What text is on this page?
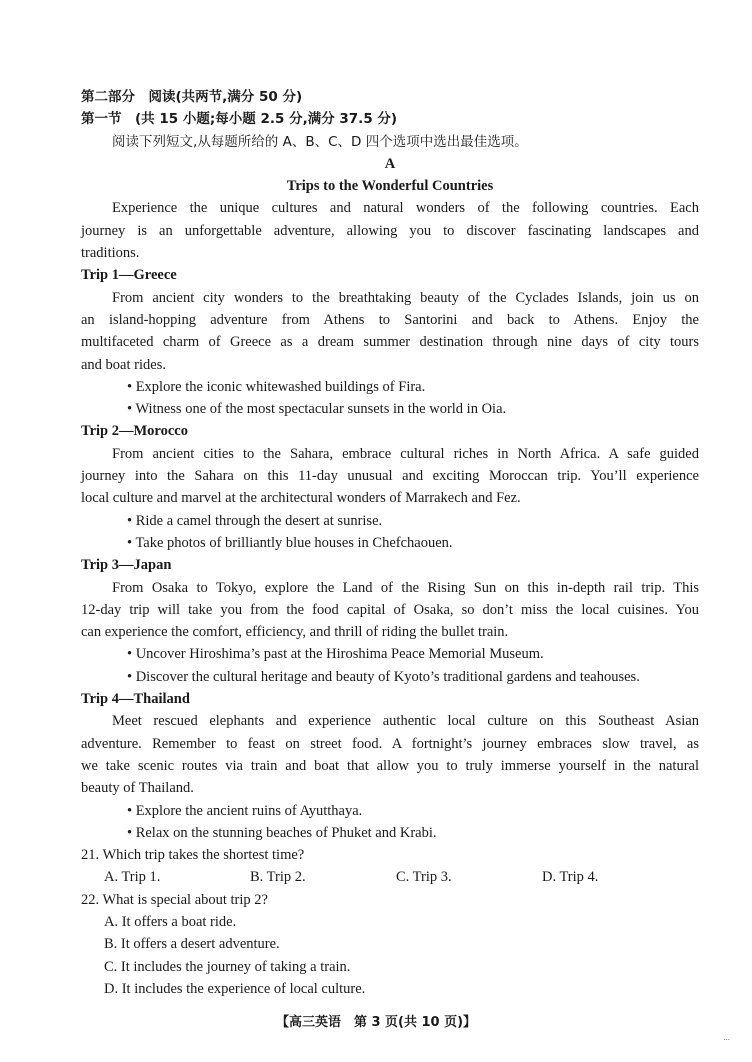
第二部分　阅读(共两节,满分 50 分)
第一节　(共 15 小题;每小题 2.5 分,满分 37.5 分)
阅读下列短文,从每题所给的 A、B、C、D 四个选项中选出最佳选项。
A
Trips to the Wonderful Countries
Experience the unique cultures and natural wonders of the following countries. Each
journey is an unforgettable adventure, allowing you to discover fascinating landscapes and
traditions.
Trip 1—Greece
From ancient city wonders to the breathtaking beauty of the Cyclades Islands, join us on
an island-hopping adventure from Athens to Santorini and back to Athens. Enjoy the
multifaceted charm of Greece as a dream summer destination through nine days of city tours
and boat rides.
• Explore the iconic whitewashed buildings of Fira.
• Witness one of the most spectacular sunsets in the world in Oia.
Trip 2—Morocco
From ancient cities to the Sahara, embrace cultural riches in North Africa. A safe guided
journey into the Sahara on this 11-day unusual and exciting Moroccan trip. You’ll experience
local culture and marvel at the architectural wonders of Marrakech and Fez.
• Ride a camel through the desert at sunrise.
• Take photos of brilliantly blue houses in Chefchaouen.
Trip 3—Japan
From Osaka to Tokyo, explore the Land of the Rising Sun on this in-depth rail trip. This
12-day trip will take you from the food capital of Osaka, so don’t miss the local cuisines. You
can experience the comfort, efficiency, and thrill of riding the bullet train.
• Uncover Hiroshima’s past at the Hiroshima Peace Memorial Museum.
• Discover the cultural heritage and beauty of Kyoto’s traditional gardens and teahouses.
Trip 4—Thailand
Meet rescued elephants and experience authentic local culture on this Southeast Asian
adventure. Remember to feast on street food. A fortnight’s journey embraces slow travel, as
we take scenic routes via train and boat that allow you to truly immerse yourself in the natural
beauty of Thailand.
• Explore the ancient ruins of Ayutthaya.
• Relax on the stunning beaches of Phuket and Krabi.
21. Which trip takes the shortest time?
A. Trip 1.	B. Trip 2.	C. Trip 3.	D. Trip 4.
22. What is special about trip 2?
A. It offers a boat ride.
B. It offers a desert adventure.
C. It includes the journey of taking a train.
D. It includes the experience of local culture.
【高三英语　第 3 页(共 10 页)】
...
